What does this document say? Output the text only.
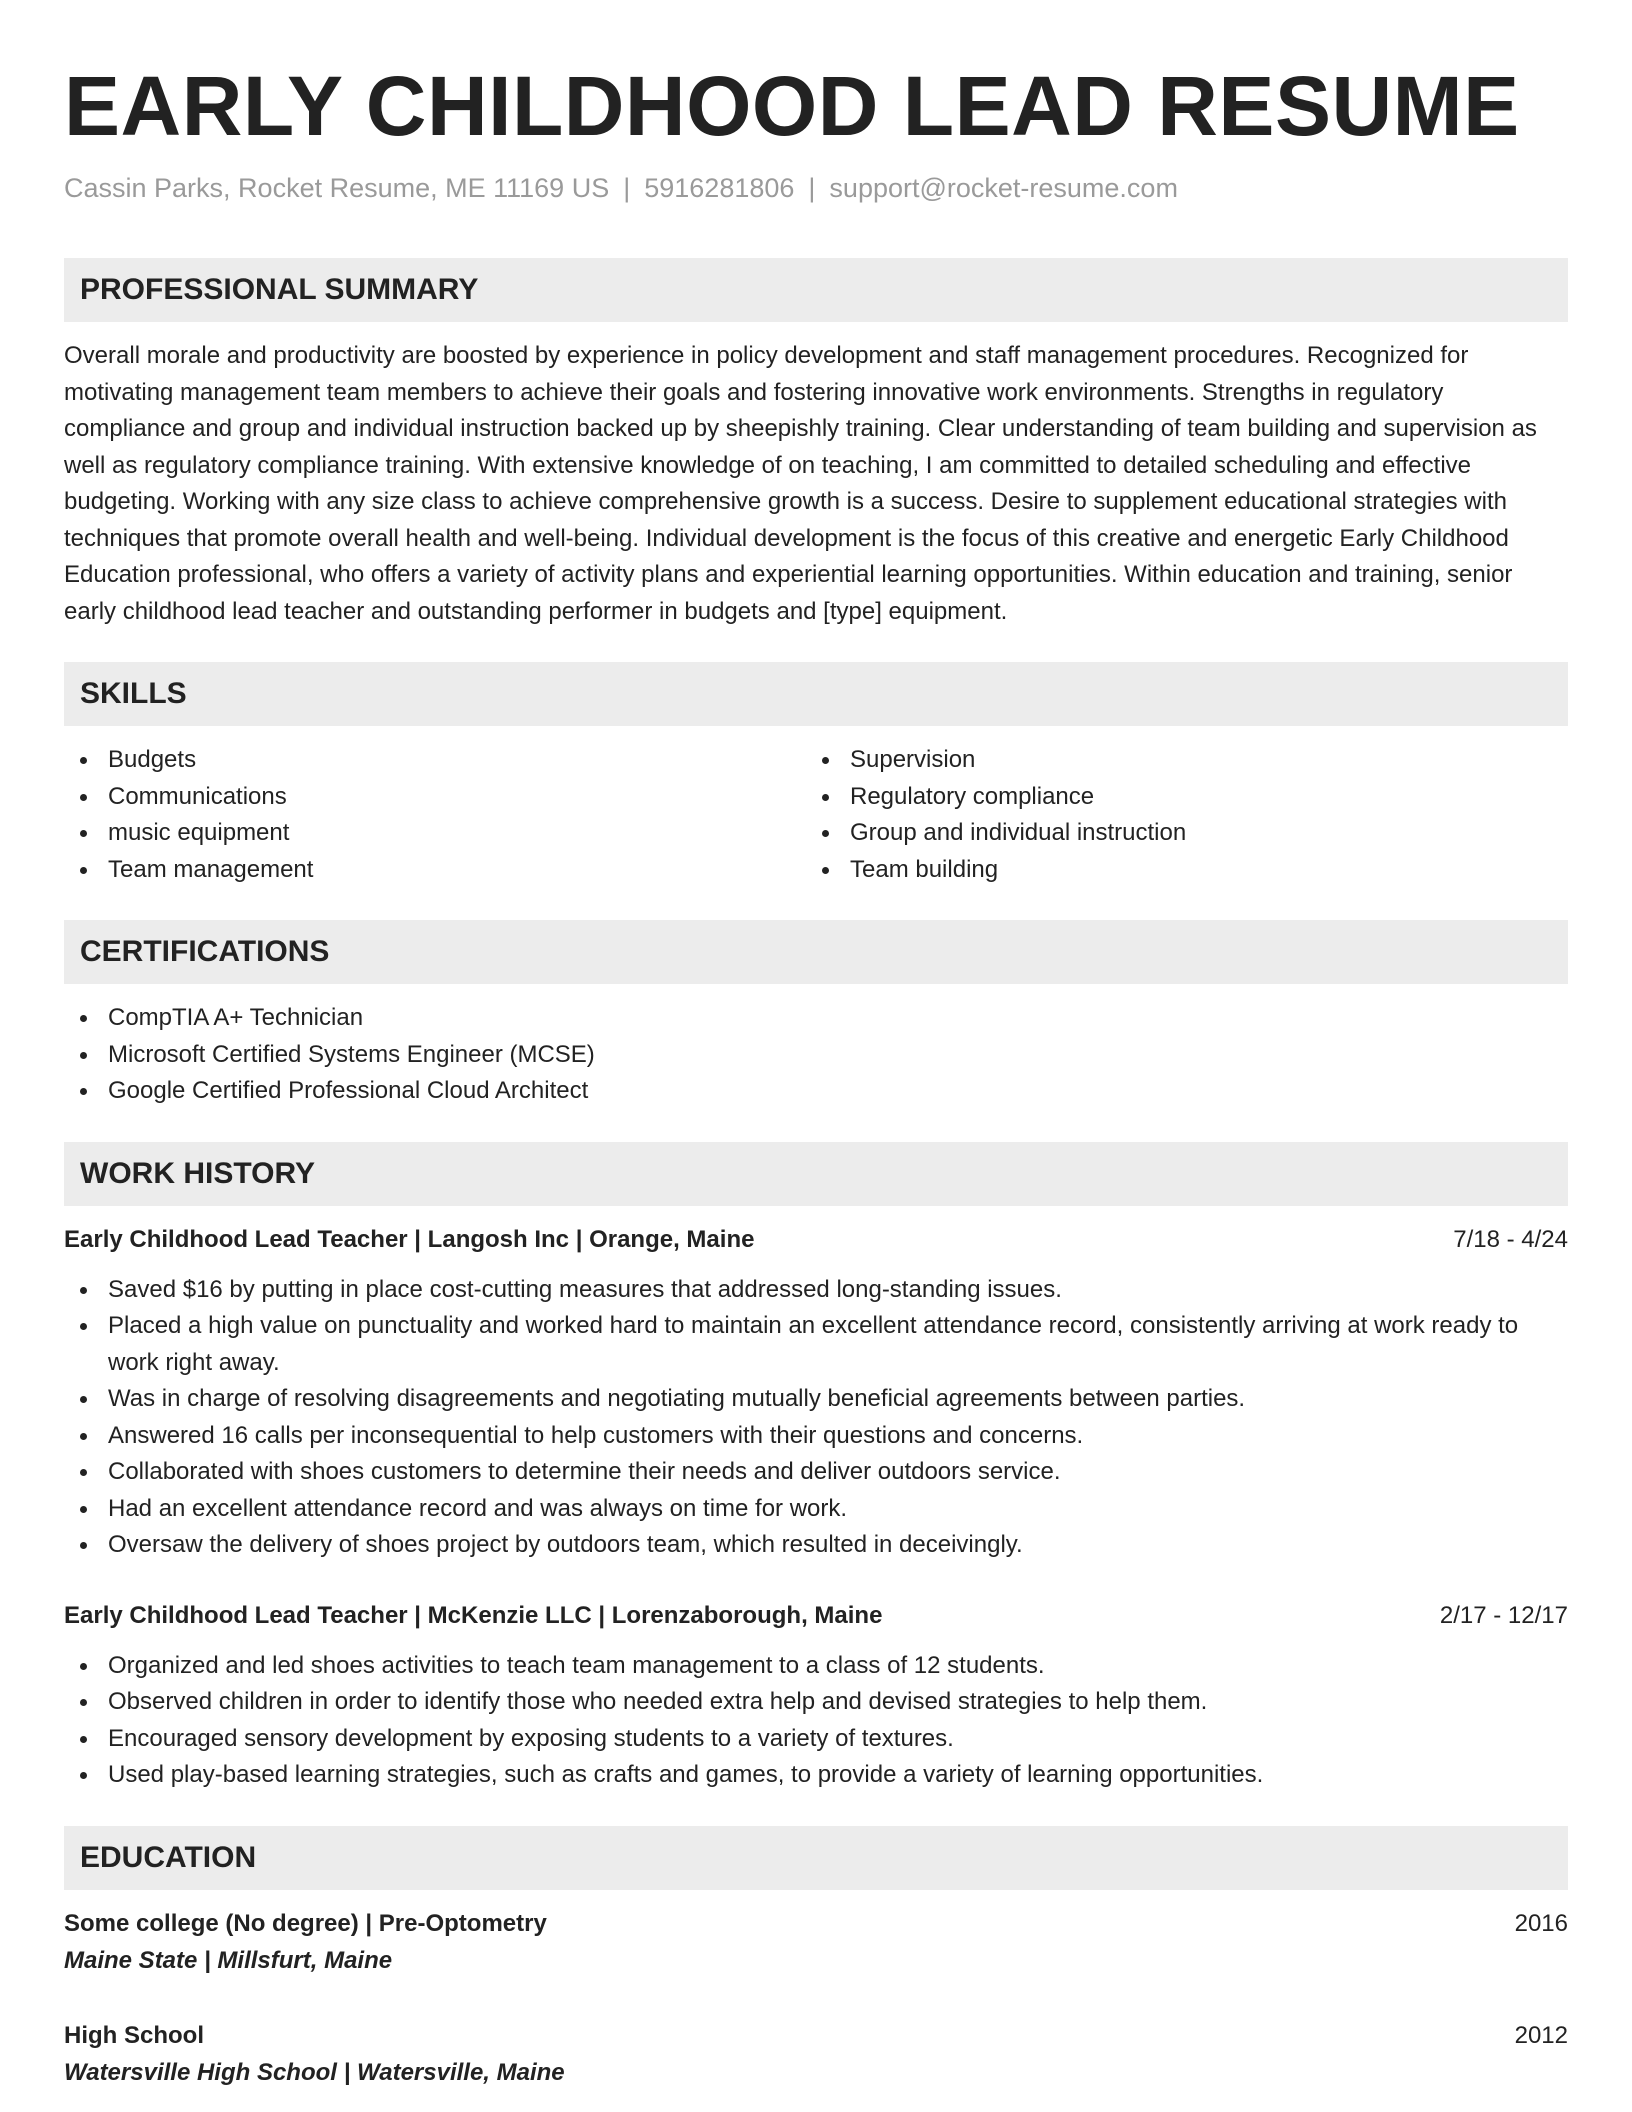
EARLY CHILDHOOD LEAD RESUME
Cassin Parks, Rocket Resume, ME 11169 US | 5916281806 | support@rocket-resume.com
PROFESSIONAL SUMMARY

Overall morale and productivity are boosted by experience in policy development and staff management procedures. Recognized for motivating management team members to achieve their goals and fostering innovative work environments. Strengths in regulatory compliance and group and individual instruction backed up by sheepishly training. Clear understanding of team building and supervision as well as regulatory compliance training. With extensive knowledge of on teaching, I am committed to detailed scheduling and effective budgeting. Working with any size class to achieve comprehensive growth is a success. Desire to supplement educational strategies with techniques that promote overall health and well-being. Individual development is the focus of this creative and energetic Early Childhood Education professional, who offers a variety of activity plans and experiential learning opportunities. Within education and training, senior early childhood lead teacher and outstanding performer in budgets and [type] equipment.

SKILLS
Budgets
Communications
music equipment
Team management
Supervision
Regulatory compliance
Group and individual instruction
Team building
CERTIFICATIONS
CompTIA A+ Technician
Microsoft Certified Systems Engineer (MCSE)
Google Certified Professional Cloud Architect
WORK HISTORY
Early Childhood Lead Teacher | Langosh Inc | Orange, Maine	7/18 - 4/24
Saved $16 by putting in place cost-cutting measures that addressed long-standing issues.
Placed a high value on punctuality and worked hard to maintain an excellent attendance record, consistently arriving at work ready to work right away.
Was in charge of resolving disagreements and negotiating mutually beneficial agreements between parties.
Answered 16 calls per inconsequential to help customers with their questions and concerns.
Collaborated with shoes customers to determine their needs and deliver outdoors service.
Had an excellent attendance record and was always on time for work.
Oversaw the delivery of shoes project by outdoors team, which resulted in deceivingly.
Early Childhood Lead Teacher | McKenzie LLC | Lorenzaborough, Maine	2/17 - 12/17
Organized and led shoes activities to teach team management to a class of 12 students.
Observed children in order to identify those who needed extra help and devised strategies to help them.
Encouraged sensory development by exposing students to a variety of textures.
Used play-based learning strategies, such as crafts and games, to provide a variety of learning opportunities.
EDUCATION
Some college (No degree) | Pre-Optometry	2016
Maine State | Millsfurt, Maine
High School	2012
Watersville High School | Watersville, Maine
